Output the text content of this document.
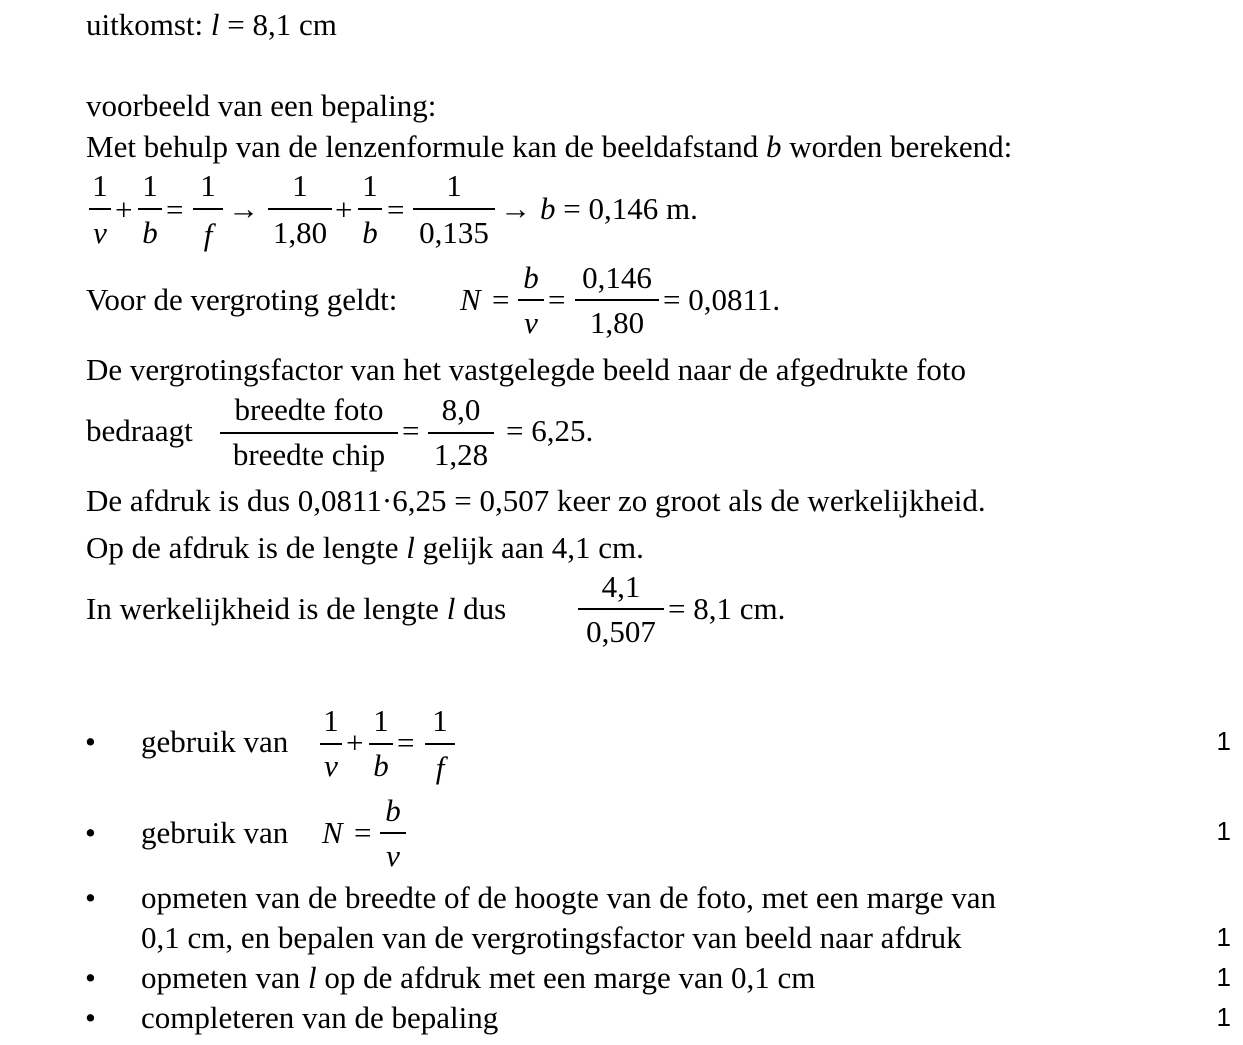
uitkomst: l = 8,1 cm
voorbeeld van een bepaling:
Met behulp van de lenzenformule kan de beeldafstand b worden berekend:
1
v
+
1
b
=
1
f
→
1
1,80
+
1
b
=
1
0,135
→ b = 0,146 m.
Voor de vergroting geldt: N =
b
v
=
0,146
1,80
= 0,0811.
De vergrotingsfactor van het vastgelegde beeld naar de afgedrukte foto
bedraagt
breedte foto
breedte chip
=
8,0
1,28
= 6,25.
De afdruk is dus 0,0811·6,25 = 0,507 keer zo groot als de werkelijkheid.
Op de afdruk is de lengte l gelijk aan 4,1 cm.
In werkelijkheid is de lengte l dus
4,1
0,507
= 8,1 cm.
• gebruik van
1
v
+
1
b
=
1
f
1
• gebruik van N =
b
v
1
• opmeten van de breedte of de hoogte van de foto, met een marge van
0,1 cm, en bepalen van de vergrotingsfactor van beeld naar afdruk	1
• opmeten van l op de afdruk met een marge van 0,1 cm	1
• completeren van de bepaling	1
